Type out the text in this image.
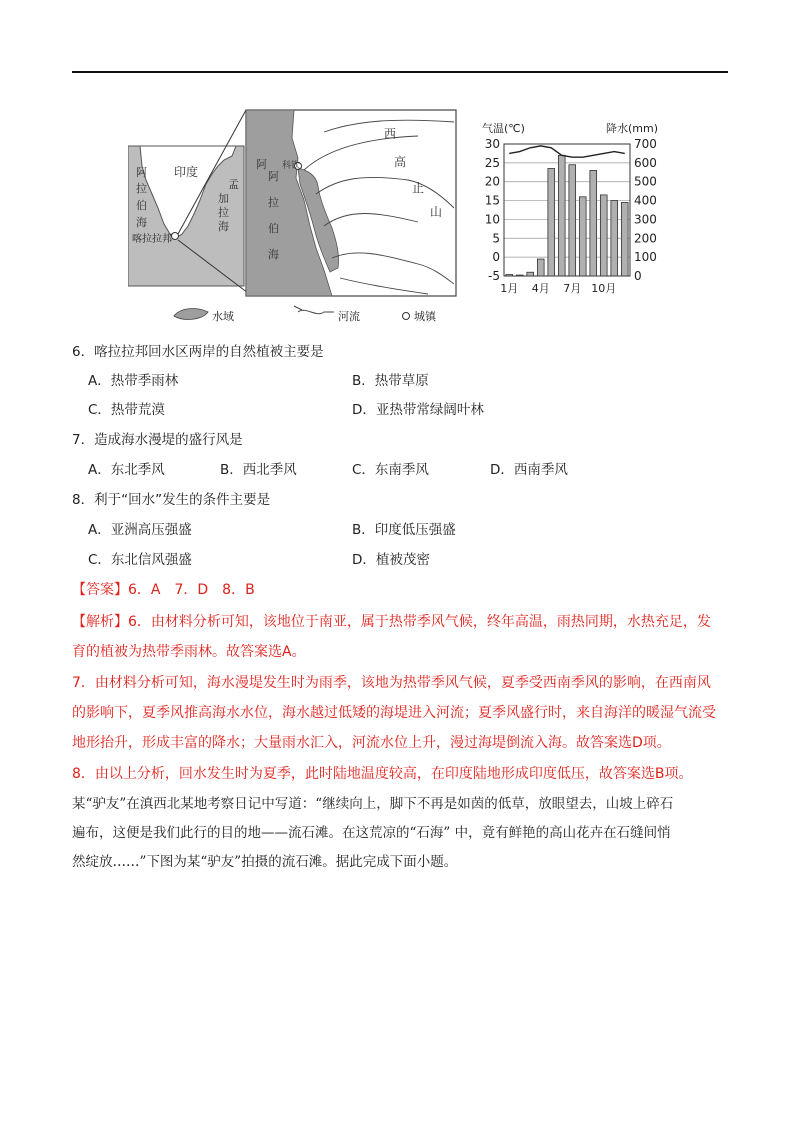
印度
阿
拉
伯
海
孟
加
拉
海
喀拉拉邦
阿
拉
伯
海
阿 科钦
西
高
止
山
水域	河流	城镇
气温(℃)	降水(mm)
30	700
25	600
20	500
15	400
10	300
5	200
0	100
-5	0
1月 4月 7月 10月
6．喀拉拉邦回水区两岸的自然植被主要是
A．热带季雨林	B．热带草原
C．热带荒漠	D．亚热带常绿阔叶林
7．造成海水漫堤的盛行风是
A．东北季风	B．西北季风	C．东南季风	D．西南季风
8．利于“回水”发生的条件主要是
A．亚洲高压强盛	B．印度低压强盛
C．东北信风强盛	D．植被茂密
【答案】6．A　7．D　8．B
【解析】6．由材料分析可知，该地位于南亚，属于热带季风气候，终年高温，雨热同期，水热充足，发
育的植被为热带季雨林。故答案选A。
7．由材料分析可知，海水漫堤发生时为雨季，该地为热带季风气候，夏季受西南季风的影响，在西南风
的影响下，夏季风推高海水水位，海水越过低矮的海堤进入河流；夏季风盛行时，来自海洋的暖湿气流受
地形抬升，形成丰富的降水；大量雨水汇入，河流水位上升，漫过海堤倒流入海。故答案选D项。
8．由以上分析，回水发生时为夏季，此时陆地温度较高，在印度陆地形成印度低压，故答案选B项。
某“驴友”在滇西北某地考察日记中写道：“继续向上，脚下不再是如茵的低草，放眼望去，山坡上碎石
遍布，这便是我们此行的目的地——流石滩。在这荒凉的“石海” 中，竟有鲜艳的高山花卉在石缝间悄
然绽放……”下图为某“驴友”拍摄的流石滩。据此完成下面小题。
